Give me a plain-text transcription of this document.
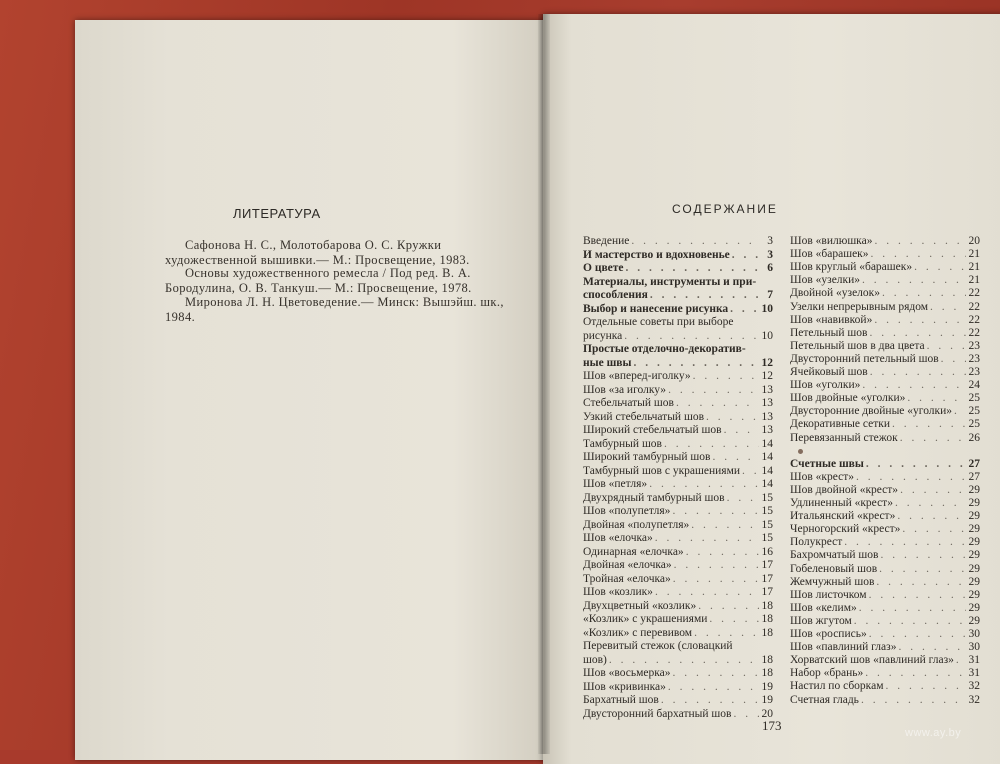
ЛИТЕРАТУРА
Сафонова Н. С., Молотобарова О. С. Кружки художественной вышивки.— М.: Просвещение, 1983.
Основы художественного ремесла / Под ред. В. А. Бородулина, О. В. Танкуш.— М.: Просвещение, 1978.
Миронова Л. Н. Цветоведение.— Минск: Вышэйш. шк., 1984.
СОДЕРЖАНИЕ
Введение . . .	3
И мастерство и вдохновенье . . .	3
О цвете . . .	6
Материалы, инструменты и при-
способления . . .	7
Выбор и нанесение рисунка . . .	10
Отдельные советы при выборе
рисунка . . .	10
Простые отделочно-декоратив-
ные швы . . .	12
Шов «вперед-иголку» . . .	12
Шов «за иголку» . . .	13
Стебельчатый шов . . .	13
Узкий стебельчатый шов . . .	13
Широкий стебельчатый шов . . .	13
Тамбурный шов . . .	14
Широкий тамбурный шов . . .	14
Тамбурный шов с украшениями . . . 14
Шов «петля» . . .	14
Двухрядный тамбурный шов . . .	15
Шов «полупетля» . . .	15
Двойная «полупетля» . . .	15
Шов «елочка» . . .	15
Одинарная «елочка» . . .	16
Двойная «елочка» . . .	17
Тройная «елочка» . . .	17
Шов «козлик» . . .	17
Двухцветный «козлик» . . .	18
«Козлик» с украшениями . . .	18
«Козлик» с перевивом . . .	18
Перевитый стежок (словацкий
шов) . . .	18
Шов «восьмерка» . . .	18
Шов «кривинка» . . .	19
Бархатный шов . . .	19
Двусторонний бархатный шов . . .	20
Шов «вилюшка» . . .	20
Шов «барашек» . . .	21
Шов круглый «барашек» . . .	21
Шов «узелки» . . .	21
Двойной «узелок» . . .	22
Узелки непрерывным рядом . . .	22
Шов «навивкой» . . .	22
Петельный шов . . .	22
Петельный шов в два цвета . . .	23
Двусторонний петельный шов . . .	23
Ячейковый шов . . .	23
Шов «уголки» . . .	24
Шов двойные «уголки» . . .	25
Двусторонние двойные «уголки» . . . 25
Декоративные сетки . . .	25
Перевязанный стежок . . .	26
Счетные швы . . .	27
Шов «крест» . . .	27
Шов двойной «крест» . . .	29
Удлиненный «крест» . . .	29
Итальянский «крест» . . .	29
Черногорский «крест» . . .	29
Полукрест . . .	29
Бахромчатый шов . . .	29
Гобеленовый шов . . .	29
Жемчужный шов . . .	29
Шов листочком . . .	29
Шов «келим» . . .	29
Шов жгутом . . .	29
Шов «роспись» . . .	30
Шов «павлиний глаз» . . .	30
Хорватский шов «павлиний глаз» . . . 31
Набор «брань» . . .	31
Настил по сборкам . . .	32
Счетная гладь . . .	32
173	www.ay.by
